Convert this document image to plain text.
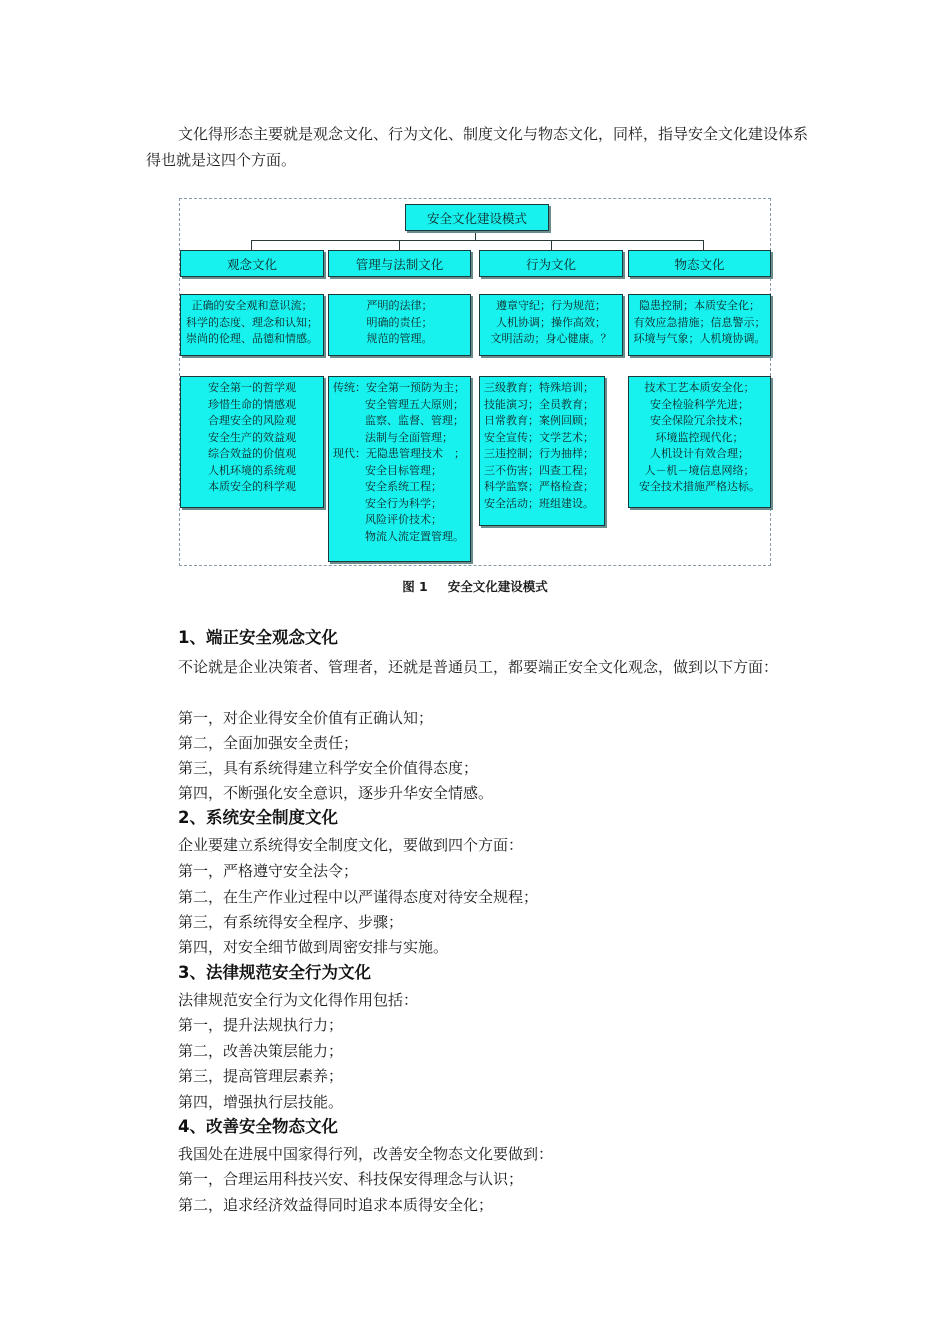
文化得形态主要就是观念文化、行为文化、制度文化与物态文化，同样，指导安全文化建设体系得也就是这四个方面。

安全文化建设模式
观念文化
正确的安全观和意识流；
科学的态度、理念和认知；
崇尚的伦理、品德和情感。
安全第一的哲学观
珍惜生命的情感观
合理安全的风险观
安全生产的效益观
综合效益的价值观
人机环境的系统观
本质安全的科学观
管理与法制文化
严明的法律；
明确的责任；
规范的管理。
传统：安全第一预防为主；
安全管理五大原则；
监察、监督、管理；
法制与全面管理；
现代：无隐患管理技术　；
安全目标管理；
安全系统工程；
安全行为科学；
风险评价技术；
物流人流定置管理。
行为文化
遵章守纪；行为规范；
人机协调；操作高效；
文明活动；身心健康。？
三级教育；特殊培训；
技能演习；全员教育；
日常教育；案例回顾；
安全宣传；文学艺术；
三违控制；行为抽样；
三不伤害；四查工程；
科学监察；严格检查；
安全活动；班组建设。
物态文化
隐患控制；本质安全化；
有效应急措施；信息警示；
环境与气象；人机境协调。
技术工艺本质安全化；
安全检验科学先进；
安全保险冗余技术；
环境监控现代化；
人机设计有效合理；
人－机－境信息网络；
安全技术措施严格达标。
图 1 安全文化建设模式
1、端正安全观念文化

不论就是企业决策者、管理者，还就是普通员工，都要端正安全文化观念，做到以下方面：

第一，对企业得安全价值有正确认知；
第二，全面加强安全责任；
第三，具有系统得建立科学安全价值得态度；
第四，不断强化安全意识，逐步升华安全情感。
2、系统安全制度文化
企业要建立系统得安全制度文化，要做到四个方面：
第一，严格遵守安全法令；
第二，在生产作业过程中以严谨得态度对待安全规程；
第三，有系统得安全程序、步骤；
第四，对安全细节做到周密安排与实施。
3、法律规范安全行为文化
法律规范安全行为文化得作用包括：
第一，提升法规执行力；
第二，改善决策层能力；
第三，提高管理层素养；
第四，增强执行层技能。
4、改善安全物态文化
我国处在进展中国家得行列，改善安全物态文化要做到：
第一，合理运用科技兴安、科技保安得理念与认识；
第二，追求经济效益得同时追求本质得安全化；
